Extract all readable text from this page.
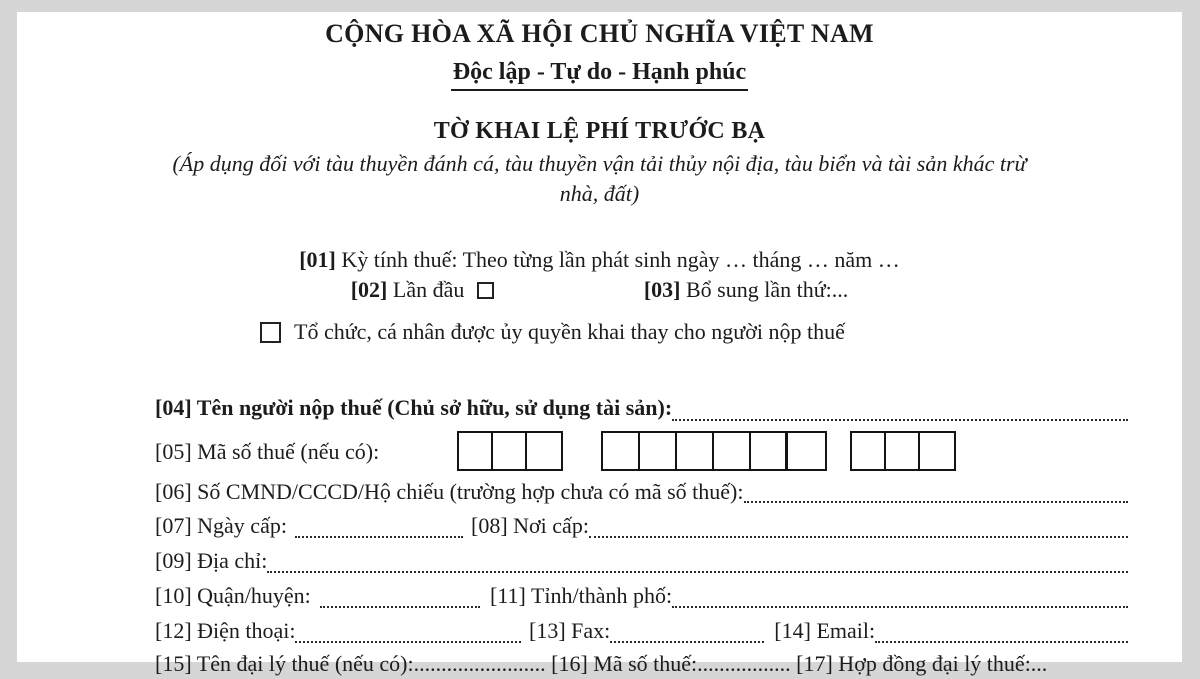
CỘNG HÒA XÃ HỘI CHỦ NGHĨA VIỆT NAM
Độc lập - Tự do - Hạnh phúc
TỜ KHAI LỆ PHÍ TRƯỚC BẠ
(Áp dụng đối với tàu thuyền đánh cá, tàu thuyền vận tải thủy nội địa, tàu biển và tài sản khác trừ
nhà, đất)
[01] Kỳ tính thuế: Theo từng lần phát sinh ngày … tháng … năm …
[02] Lần đầu	[03] Bổ sung lần thứ:...
Tổ chức, cá nhân được ủy quyền khai thay cho người nộp thuế
[04] Tên người nộp thuế (Chủ sở hữu, sử dụng tài sản):
[05] Mã số thuế (nếu có):
[06] Số CMND/CCCD/Hộ chiếu (trường hợp chưa có mã số thuế):
[07] Ngày cấp:	[08] Nơi cấp:
[09] Địa chỉ:
[10] Quận/huyện:	[11] Tỉnh/thành phố:
[12] Điện thoại:	[13] Fax:	[14] Email:
[15] Tên đại lý thuế (nếu có):........................ [16] Mã số thuế:................. [17] Hợp đồng đại lý thuế:...
